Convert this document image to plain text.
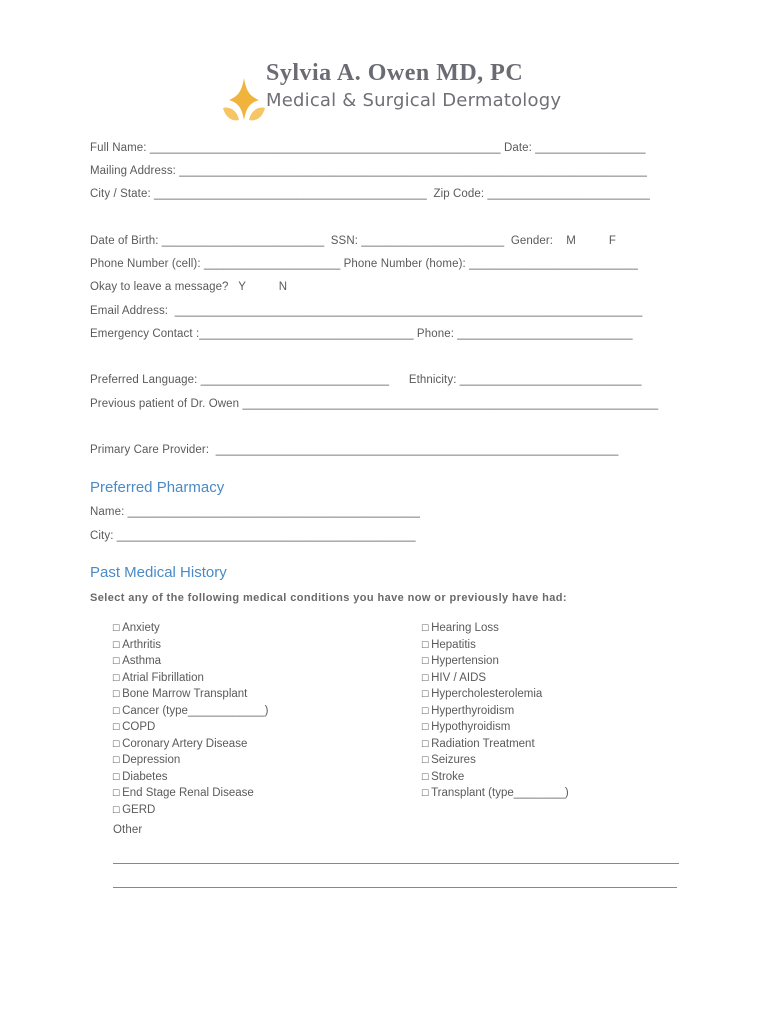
Sylvia A. Owen MD, PC
Medical & Surgical Dermatology
Full Name: ______________________________________________________ Date: _________________
Mailing Address: ________________________________________________________________________
City / State: __________________________________________  Zip Code: _________________________
Date of Birth: _________________________  SSN: ______________________  Gender:    M          F
Phone Number (cell): _____________________ Phone Number (home): __________________________
Okay to leave a message?   Y          N
Email Address:  ________________________________________________________________________
Emergency Contact :_________________________________ Phone: ___________________________
Preferred Language: _____________________________      Ethnicity: ____________________________
Previous patient of Dr. Owen ________________________________________________________________
Primary Care Provider:  ______________________________________________________________
Preferred Pharmacy
Name: _____________________________________________
City: ______________________________________________
Past Medical History
Select any of the following medical conditions you have now or previously have had:
☐ Anxiety
☐ Arthritis
☐ Asthma
☐ Atrial Fibrillation
☐ Bone Marrow Transplant
☐ Cancer (type____________)
☐ COPD
☐ Coronary Artery Disease
☐ Depression
☐ Diabetes
☐ End Stage Renal Disease
☐ GERD
☐ Hearing Loss
☐ Hepatitis
☐ Hypertension
☐ HIV / AIDS
☐ Hypercholesterolemia
☐ Hyperthyroidism
☐ Hypothyroidism
☐ Radiation Treatment
☐ Seizures
☐ Stroke
☐ Transplant (type________)
Other
